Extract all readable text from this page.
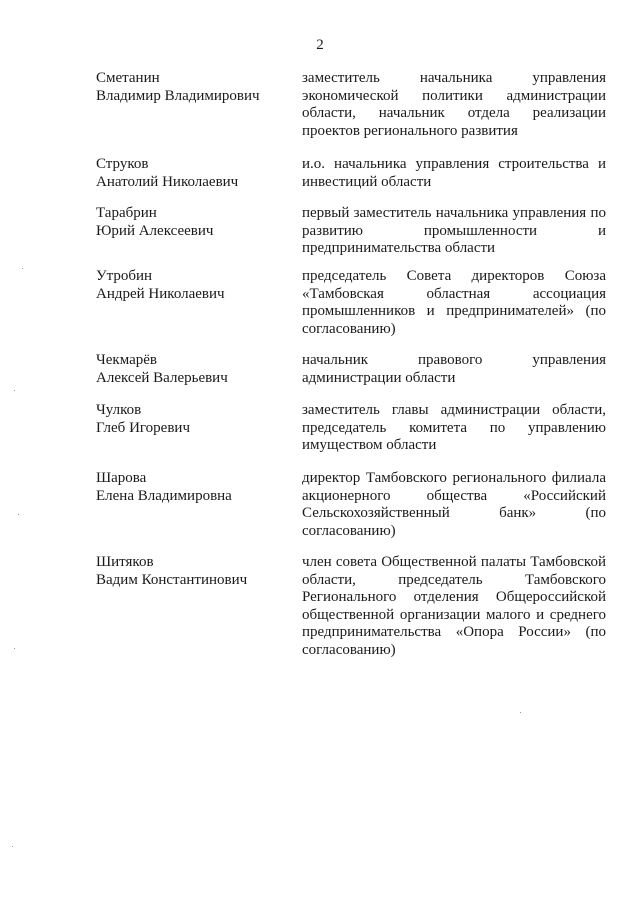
2
Сметанин
Владимир Владимирович
заместитель начальника управления
экономической политики администрации
области, начальник отдела реализации
проектов регионального развития
Струков
Анатолий Николаевич
и.о. начальника управления строительства и
инвестиций области
Тарабрин
Юрий Алексеевич
первый заместитель начальника управления по
развитию промышленности и
предпринимательства области
Утробин
Андрей Николаевич
председатель Совета директоров Союза
«Тамбовская областная ассоциация
промышленников и предпринимателей» (по
согласованию)
Чекмарёв
Алексей Валерьевич
начальник правового управления
администрации области
Чулков
Глеб Игоревич
заместитель главы администрации области,
председатель комитета по управлению
имуществом области
Шарова
Елена Владимировна
директор Тамбовского регионального филиала
акционерного общества «Российский
Сельскохозяйственный банк» (по
согласованию)
Шитяков
Вадим Константинович
член совета Общественной палаты Тамбовской
области, председатель Тамбовского
Регионального отделения Общероссийской
общественной организации малого и среднего
предпринимательства «Опора России» (по
согласованию)
